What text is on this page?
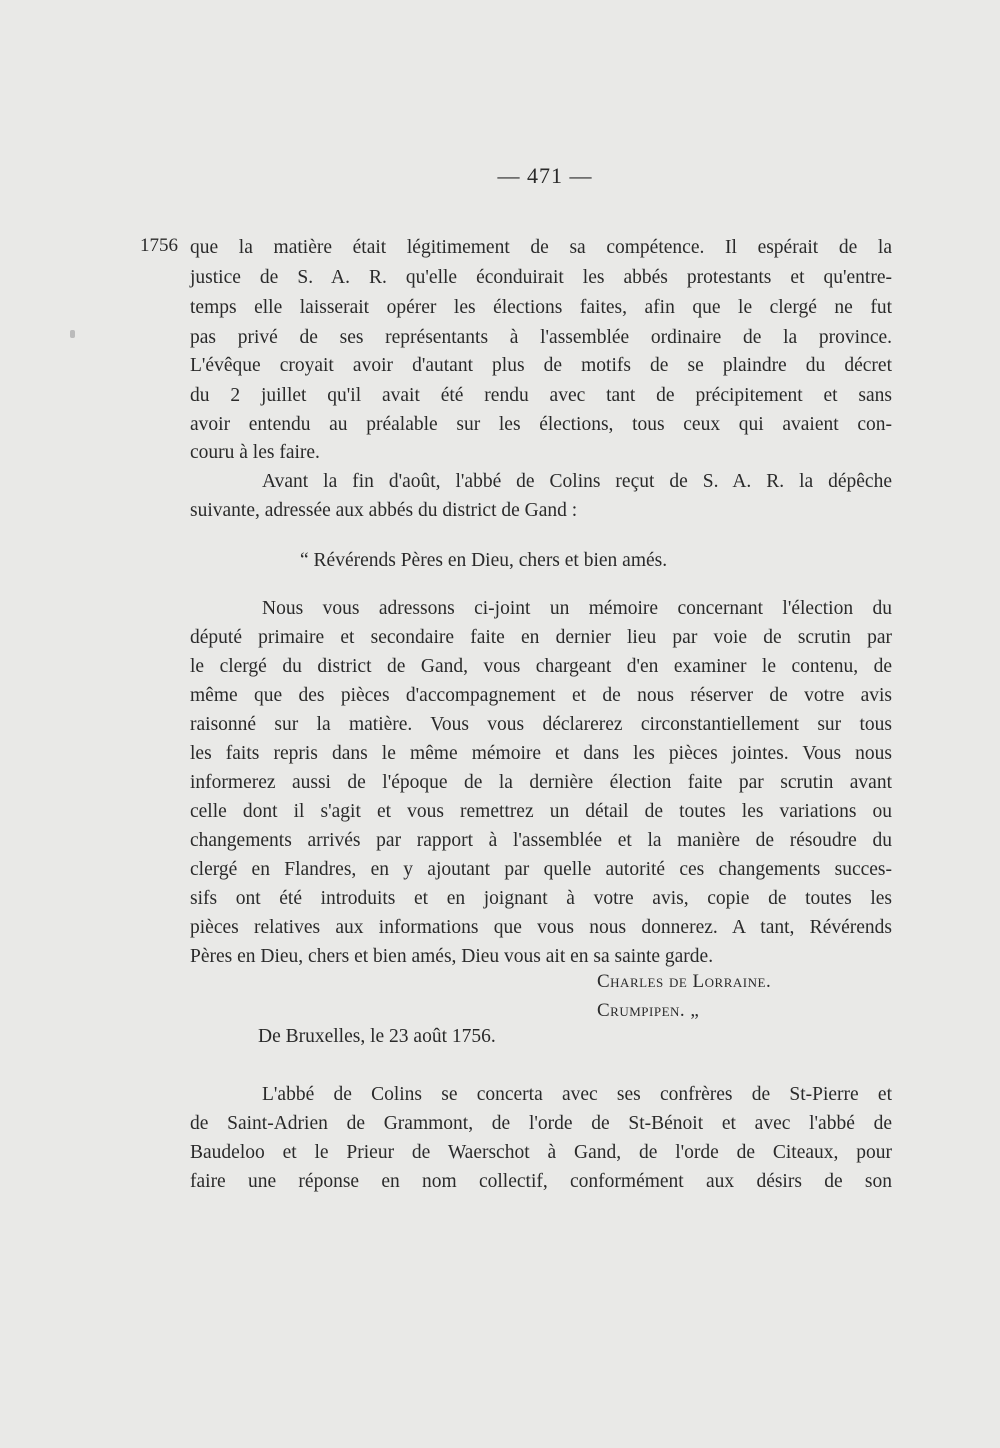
— 471 —
1756 que la matière était légitimement de sa compétence. Il espérait de la
justice de S. A. R. qu'elle éconduirait les abbés protestants et qu'entre-
temps elle laisserait opérer les élections faites, afin que le clergé ne fut
pas privé de ses représentants à l'assemblée ordinaire de la province.
L'évêque croyait avoir d'autant plus de motifs de se plaindre du décret
du 2 juillet qu'il avait été rendu avec tant de précipitement et sans
avoir entendu au préalable sur les élections, tous ceux qui avaient con-
couru à les faire.
Avant la fin d'août, l'abbé de Colins reçut de S. A. R. la dépêche
suivante, adressée aux abbés du district de Gand :
“ Révérends Pères en Dieu, chers et bien amés.
Nous vous adressons ci-joint un mémoire concernant l'élection du
député primaire et secondaire faite en dernier lieu par voie de scrutin par
le clergé du district de Gand, vous chargeant d'en examiner le contenu, de
même que des pièces d'accompagnement et de nous réserver de votre avis
raisonné sur la matière. Vous vous déclarerez circonstantiellement sur tous
les faits repris dans le même mémoire et dans les pièces jointes. Vous nous
informerez aussi de l'époque de la dernière élection faite par scrutin avant
celle dont il s'agit et vous remettrez un détail de toutes les variations ou
changements arrivés par rapport à l'assemblée et la manière de résoudre du
clergé en Flandres, en y ajoutant par quelle autorité ces changements succes-
sifs ont été introduits et en joignant à votre avis, copie de toutes les
pièces relatives aux informations que vous nous donnerez. A tant, Révérends
Pères en Dieu, chers et bien amés, Dieu vous ait en sa sainte garde.
Charles de Lorraine.
Crumpipen. „
De Bruxelles, le 23 août 1756.
L'abbé de Colins se concerta avec ses confrères de St-Pierre et
de Saint-Adrien de Grammont, de l'orde de St-Bénoit et avec l'abbé de
Baudeloo et le Prieur de Waerschot à Gand, de l'orde de Citeaux, pour
faire une réponse en nom collectif, conformément aux désirs de son
